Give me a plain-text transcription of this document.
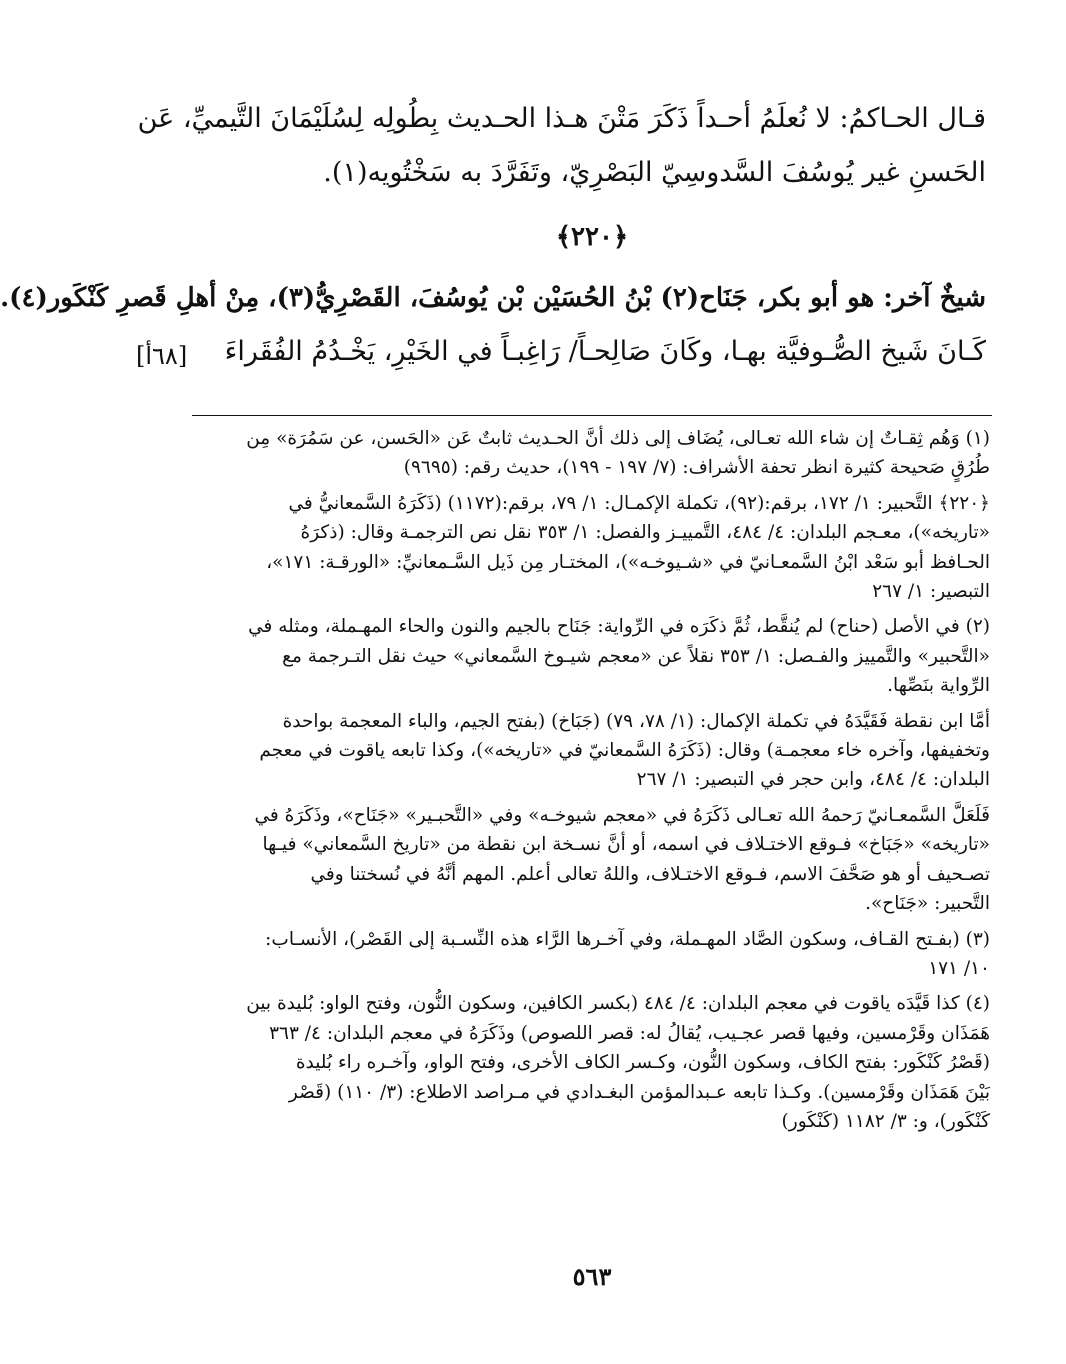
قـال الحـاكمُ: لا نُعلَمُ أحـداً ذَكَرَ مَتْنَ هـذا الحـديث بِطُولِه لِسُلَيْمَانَ التَّيميِّ، عَن
الحَسنِ غير يُوسُفَ السَّدوسِيّ البَصْرِيّ، وتَفَرَّدَ به سَخْتُويه(١).
﴿٢٢٠﴾
شيخٌ آخر: هو أبو بكر، جَنَاح(٢) بْنُ الحُسَيْن بْن يُوسُفَ، القَصْرِيُّ(٣)، مِنْ أهلِ قَصرِ كَنْكَور(٤).
كَـانَ شَيخ الصُّـوفيَّة بهـا، وكَانَ صَالِحـاً/ رَاغِبـاً في الخَيْرِ، يَخْـدُمُ الفُقَراءَ
[٦٨أ]
(١) وَهُم ثِقـاتٌ إن شاء الله تعـالى، يُضَاف إلى ذلك أنَّ الحـديث ثابتٌ عَن «الحَسن، عن سَمُرَة» مِن
طُرُقٍ صَحيحة كثيرة انظر تحفة الأشراف: (٧/ ١٩٧ - ١٩٩)، حديث رقم: (٩٦٩٥)
﴿٢٢٠﴾ التَّحبير: ١/ ١٧٢، برقم:(٩٢)، تكملة الإكمـال: ١/ ٧٩، برقم:(١١٧٢) (ذَكَرَهُ السَّمعانيُّ في
«تاريخه»)، معـجم البلدان: ٤/ ٤٨٤، التَّمييـز والفصل: ١/ ٣٥٣ نقل نص الترجمـة وقال: (ذكرَهُ
الحـافظ أبو سَعْد ابْنُ السَّمعـانيّ في «شـيوخـه»)، المختـار مِن ذَيل السَّـمعانيِّ: «الورقـة: ١٧١»،
التبصير: ١/ ٢٦٧
(٢) في الأصل (حناح) لم يُنقَّط، ثُمَّ ذكَرَه في الرِّواية: جَنَاح بالجيم والنون والحاء المهـملة، ومثله في
«التَّحبير» والتَّمييز والفـصل: ١/ ٣٥٣ نقلاً عن «معجم شيـوخ السَّمعاني» حيث نقل التـرجمة مع
الرِّواية بنَصِّها.
أمَّا ابن نقطة فَقَيَّدَهُ في تكملة الإكمال: (١/ ٧٨، ٧٩) (جَبَاخ) (بفتح الجيم، والباء المعجمة بواحدة
وتخفيفها، وآخره خاء معجمـة) وقال: (ذَكَرَهُ السَّمعانيّ في «تاريخه»)، وكذا تابعه ياقوت في معجم
البلدان: ٤/ ٤٨٤، وابن حجر في التبصير: ١/ ٢٦٧
فَلَعَلَّ السَّمعـانيّ رَحمهُ الله تعـالى ذَكَرَهُ في «معجم شيوخـه» وفي «التَّحبـير» «جَنَاح»، وذَكَرَهُ في
«تاريخه» «جَبَاخ» فـوقع الاختـلاف في اسمه، أو أنَّ نسـخة ابن نقطة من «تاريخ السَّمعاني» فيـها
تصـحيف أو هو صَحَّفَ الاسم، فـوقع الاختـلاف، واللهُ تعالى أعلم. المهم أنَّهُ في نُسختنا وفي
التَّحبير: «جَنَاح».
(٣) (بفـتح القـاف، وسكون الصَّاد المهـملة، وفي آخـرها الرَّاء هذه النِّسـبة إلى القَصْر)، الأنسـاب:
١٠/ ١٧١
(٤) كذا قَيَّدَه ياقوت في معجم البلدان: ٤/ ٤٨٤ (بكسر الكافين، وسكون النُّون، وفتح الواو: بُليدة بين
هَمَذَان وقَرْمسين، وفيها قصر عجـيب، يُقالُ له: قصر اللصوص) وذَكَرَهُ في معجم البلدان: ٤/ ٣٦٣
(قَصْرُ كَنْكَور: بفتح الكاف، وسكون النُّون، وكـسر الكاف الأخرى، وفتح الواو، وآخـره راء بُليدة
بَيْنَ هَمَذَان وقَرْمسين). وكـذا تابعه عـبدالمؤمن البغـدادي في مـراصد الاطلاع: (٣/ ١١٠) (قَصْر
كَنْكَور)، و: ٣/ ١١٨٢ (كَنْكَور)
٥٦٣
